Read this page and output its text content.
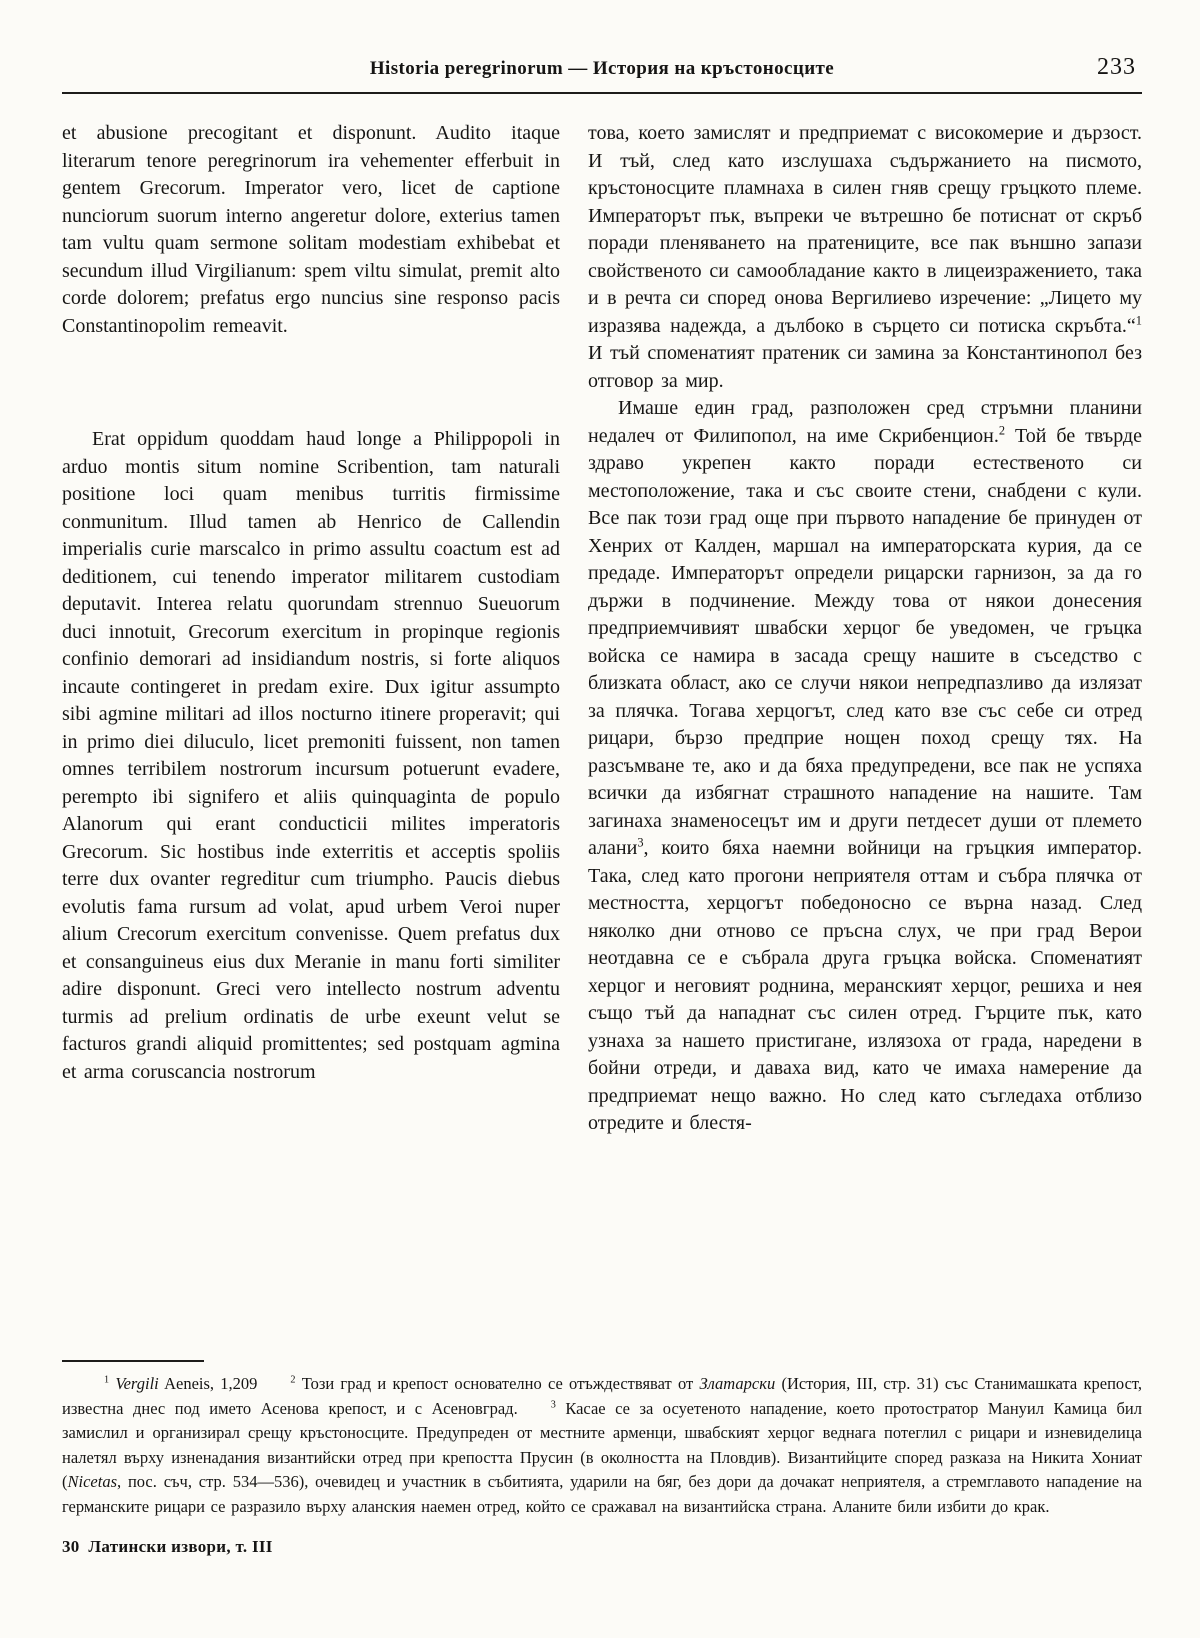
Historia peregrinorum — История на кръстоносците	233

et abusione precogitant et disponunt. Audito itaque literarum tenore peregrinorum ira vehementer efferbuit in gentem Grecorum. Imperator vero, licet de captione nunciorum suorum interno angeretur dolore, exterius tamen tam vultu quam sermone solitam modestiam exhibebat et secundum illud Virgilianum: spem viltu simulat, premit alto corde dolorem; prefatus ergo nuncius sine responso pacis Constantinopolim remeavit.

Erat oppidum quoddam haud longe a Philippopoli in arduo montis situm nomine Scribention, tam naturali positione loci quam menibus turritis firmissime conmunitum. Illud tamen ab Henrico de Callendin imperialis curie marscalco in primo assultu coactum est ad deditionem, cui tenendo imperator militarem custodiam deputavit. Interea relatu quorundam strennuo Sueuorum duci innotuit, Grecorum exercitum in propinque regionis confinio demorari ad insidiandum nostris, si forte aliquos incaute contingeret in predam exire. Dux igitur assumpto sibi agmine militari ad illos nocturno itinere properavit; qui in primo diei diluculo, licet premoniti fuissent, non tamen omnes terribilem nostrorum incursum potuerunt evadere, perempto ibi signifero et aliis quinquaginta de populo Alanorum qui erant conducticii milites imperatoris Grecorum. Sic hostibus inde exterritis et acceptis spoliis terre dux ovanter regreditur cum triumpho. Paucis diebus evolutis fama rursum ad volat, apud urbem Veroi nuper alium Crecorum exercitum convenisse. Quem prefatus dux et consanguineus eius dux Meranie in manu forti similiter adire disponunt. Greci vero intellecto nostrum adventu turmis ad prelium ordinatis de urbe exeunt velut se facturos grandi aliquid promittentes; sed postquam agmina et arma coruscancia nostrorum

това, което замислят и предприемат с високомерие и дързост. И тъй, след като изслушаха съдържанието на писмото, кръстоносците пламнаха в силен гняв срещу гръцкото племе. Императорът пък, въпреки че вътрешно бе потиснат от скръб поради пленяването на пратениците, все пак външно запази свойственото си самообладание както в лицеизражението, така и в речта си според онова Вергилиево изречение: „Лицето му изразява надежда, а дълбоко в сърцето си потиска скръбта.“$^1$ И тъй споменатият пратеник си замина за Константинопол без отговор за мир.

Имаше един град, разположен сред стръмни планини недалеч от Филипопол, на име Скрибенцион.$^2$ Той бе твърде здраво укрепен както поради естественото си местоположение, така и със своите стени, снабдени с кули. Все пак този град още при първото нападение бе принуден от Хенрих от Калден, маршал на императорската курия, да се предаде. Императорът определи рицарски гарнизон, за да го държи в подчинение. Между това от някои донесения предприемчивият швабски херцог бе уведомен, че гръцка войска се намира в засада срещу нашите в съседство с близката област, ако се случи някои непредпазливо да излязат за плячка. Тогава херцогът, след като взе със себе си отред рицари, бързо предприе нощен поход срещу тях. На разсъмване те, ако и да бяха предупредени, все пак не успяха всички да избягнат страшното нападение на нашите. Там загинаха знаменосецът им и други петдесет души от племето алани$^3$, които бяха наемни войници на гръцкия император. Така, след като прогони неприятеля оттам и събра плячка от местността, херцогът победоносно се върна назад. След няколко дни отново се пръсна слух, че при град Верои неотдавна се е събрала друга гръцка войска. Споменатият херцог и неговият роднина, меранският херцог, решиха и нея също тъй да нападнат със силен отред. Гърците пък, като узнаха за нашето пристигане, излязоха от града, наредени в бойни отреди, и даваха вид, като че имаха намерение да предприемат нещо важно. Но след като съгледаха отблизо отредите и блестя-

$^1$ Vergili Aeneis, 1,209  $^2$ Този град и крепост основателно се отъждествяват от Златарски (История, III, стр. 31) със Станимашката крепост, известна днес под името Асенова крепост, и с Асеновград.  $^3$ Касае се за осуетеното нападение, което протостратор Мануил Камица бил замислил и организирал срещу кръстоносците. Предупреден от местните арменци, швабският херцог веднага потеглил с рицари и изневиделица налетял върху изненадания византийски отред при крепостта Прусин (в околността на Пловдив). Византийците според разказа на Никита Хониат (Nicetas, пос. съч, стр. 534—536), очевидец и участник в събитията, ударили на бяг, без дори да дочакат неприятеля, а стремглавото нападение на германските рицари се разразило върху аланския наемен отред, който се сражавал на византийска страна. Аланите били избити до крак.
30 Латински извори, т. III
